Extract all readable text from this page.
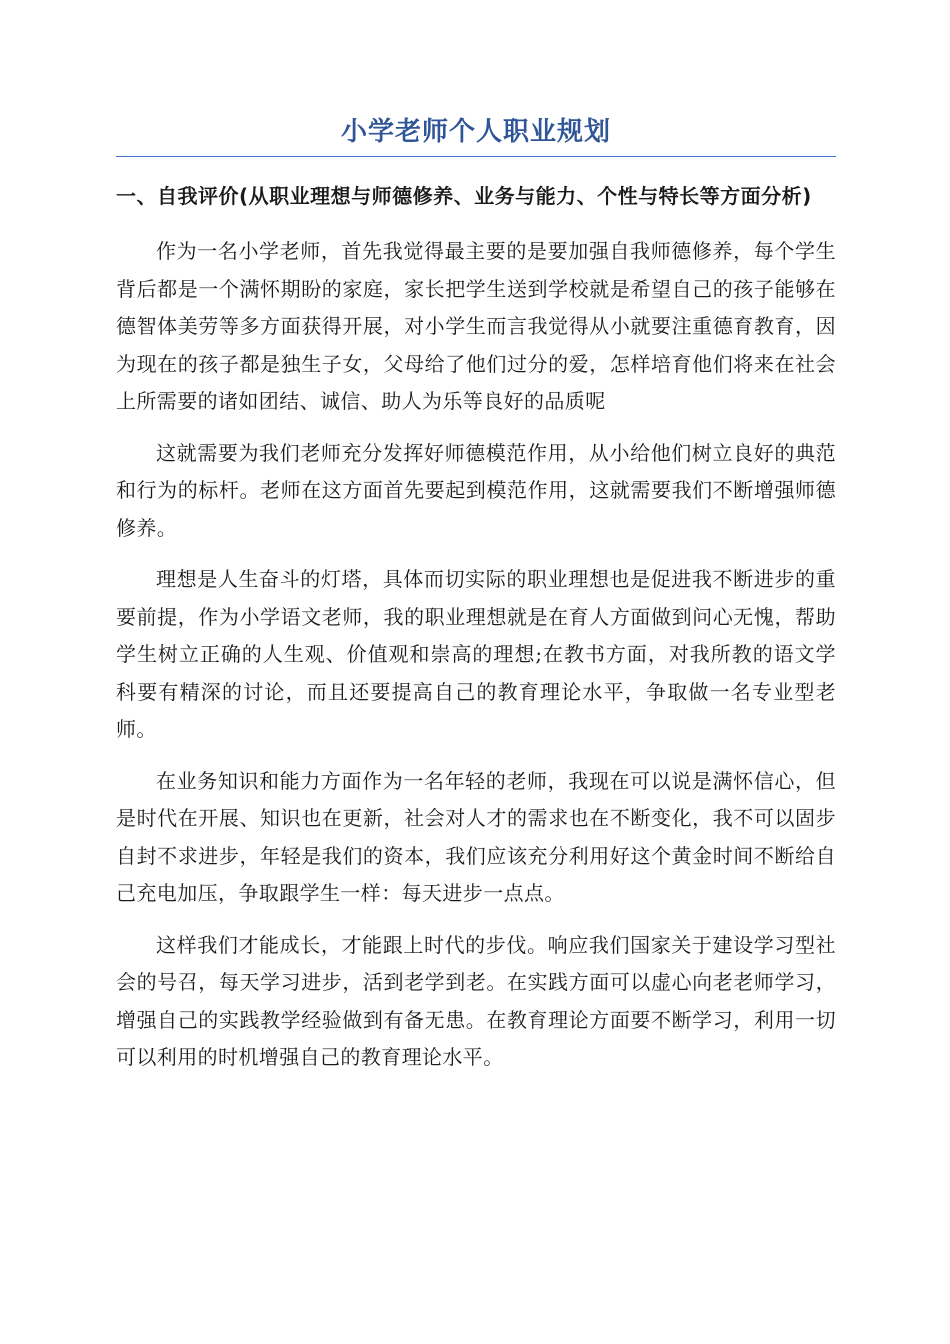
小学老师个人职业规划
一、自我评价(从职业理想与师德修养、业务与能力、个性与特长等方面分析)

作为一名小学老师，首先我觉得最主要的是要加强自我师德修养，每个学生背后都是一个满怀期盼的家庭，家长把学生送到学校就是希望自己的孩子能够在德智体美劳等多方面获得开展，对小学生而言我觉得从小就要注重德育教育，因为现在的孩子都是独生子女，父母给了他们过分的爱，怎样培育他们将来在社会上所需要的诸如团结、诚信、助人为乐等良好的品质呢

这就需要为我们老师充分发挥好师德模范作用，从小给他们树立良好的典范和行为的标杆。老师在这方面首先要起到模范作用，这就需要我们不断增强师德修养。

理想是人生奋斗的灯塔，具体而切实际的职业理想也是促进我不断进步的重要前提，作为小学语文老师，我的职业理想就是在育人方面做到问心无愧，帮助学生树立正确的人生观、价值观和崇高的理想;在教书方面，对我所教的语文学科要有精深的讨论，而且还要提高自己的教育理论水平，争取做一名专业型老师。

在业务知识和能力方面作为一名年轻的老师，我现在可以说是满怀信心，但是时代在开展、知识也在更新，社会对人才的需求也在不断变化，我不可以固步自封不求进步，年轻是我们的资本，我们应该充分利用好这个黄金时间不断给自己充电加压，争取跟学生一样：每天进步一点点。

这样我们才能成长，才能跟上时代的步伐。响应我们国家关于建设学习型社会的号召，每天学习进步，活到老学到老。在实践方面可以虚心向老老师学习，增强自己的实践教学经验做到有备无患。在教育理论方面要不断学习，利用一切可以利用的时机增强自己的教育理论水平。
